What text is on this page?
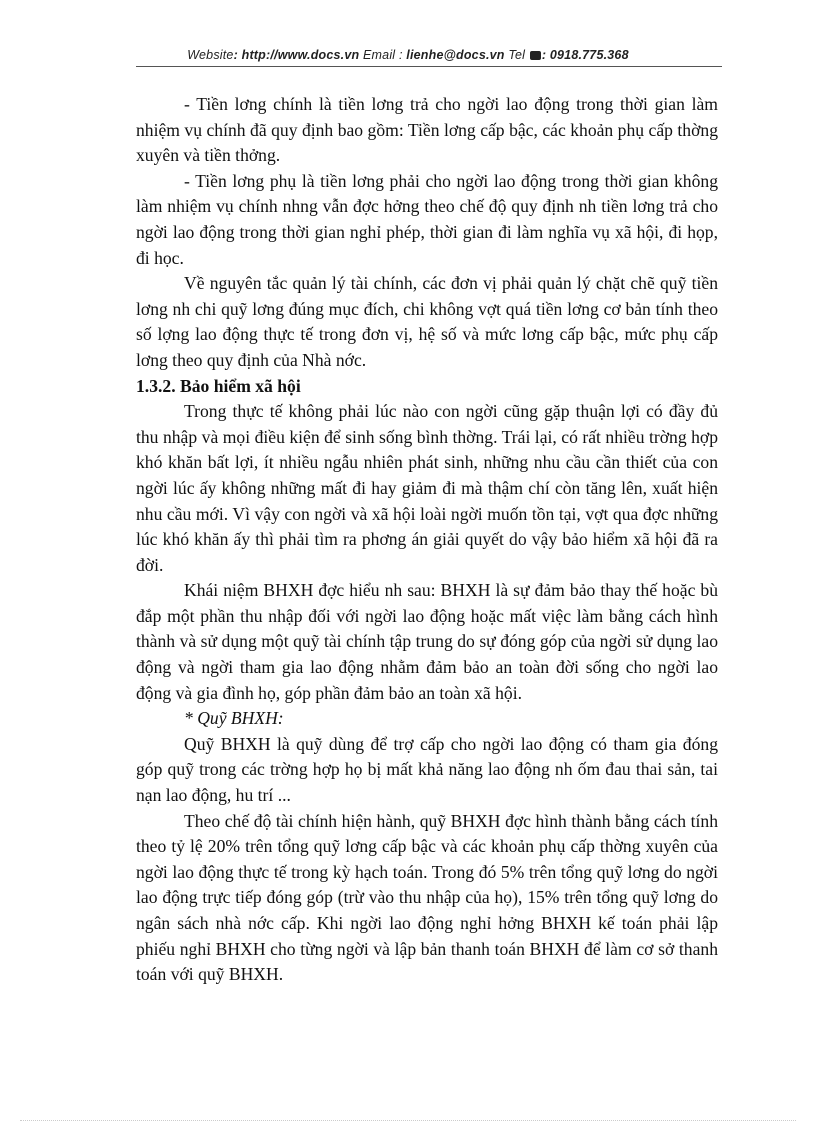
Website: http://www.docs.vn Email : lienhe@docs.vn Tel : 0918.775.368

- Tiền lơng chính là tiền lơng trả cho ngời lao động trong thời gian làm nhiệm vụ chính đã quy định bao gồm: Tiền lơng cấp bậc, các khoản phụ cấp thờng xuyên và tiền thởng.

- Tiền lơng phụ là tiền lơng phải cho ngời lao động trong thời gian không làm nhiệm vụ chính nhng vẫn đợc hởng theo chế độ quy định nh tiền lơng trả cho ngời lao động trong thời gian nghỉ phép, thời gian đi làm nghĩa vụ xã hội, đi họp, đi học.

Về nguyên tắc quản lý tài chính, các đơn vị phải quản lý chặt chẽ quỹ tiền lơng nh chi quỹ lơng đúng mục đích, chi không vợt quá tiền lơng cơ bản tính theo số lợng lao động thực tế trong đơn vị, hệ số và mức lơng cấp bậc, mức phụ cấp lơng theo quy định của Nhà nớc.

1.3.2. Bảo hiểm xã hội

Trong thực tế không phải lúc nào con ngời cũng gặp thuận lợi có đầy đủ thu nhập và mọi điều kiện để sinh sống bình thờng. Trái lại, có rất nhiều trờng hợp khó khăn bất lợi, ít nhiều ngẫu nhiên phát sinh, những nhu cầu cần thiết của con ngời lúc ấy không những mất đi hay giảm đi mà thậm chí còn tăng lên, xuất hiện nhu cầu mới. Vì vậy con ngời và xã hội loài ngời muốn tồn tại, vợt qua đợc những lúc khó khăn ấy thì phải tìm ra phơng án giải quyết do vậy bảo hiểm xã hội đã ra đời.

Khái niệm BHXH đợc hiểu nh sau: BHXH là sự đảm bảo thay thế hoặc bù đắp một phần thu nhập đối với ngời lao động hoặc mất việc làm bằng cách hình thành và sử dụng một quỹ tài chính tập trung do sự đóng góp của ngời sử dụng lao động và ngời tham gia lao động nhằm đảm bảo an toàn đời sống cho ngời lao động và gia đình họ, góp phần đảm bảo an toàn xã hội.

* Quỹ BHXH:

Quỹ BHXH là quỹ dùng để trợ cấp cho ngời lao động có tham gia đóng góp quỹ trong các trờng hợp họ bị mất khả năng lao động nh ốm đau thai sản, tai nạn lao động, hu trí ...

Theo chế độ tài chính hiện hành, quỹ BHXH đợc hình thành bằng cách tính theo tỷ lệ 20% trên tổng quỹ lơng cấp bậc và các khoản phụ cấp thờng xuyên của ngời lao động thực tế trong kỳ hạch toán. Trong đó 5% trên tổng quỹ lơng do ngời lao động trực tiếp đóng góp (trừ vào thu nhập của họ), 15% trên tổng quỹ lơng do ngân sách nhà nớc cấp. Khi ngời lao động nghỉ hởng BHXH kế toán phải lập phiếu nghỉ BHXH cho từng ngời và lập bản thanh toán BHXH để làm cơ sở thanh toán với quỹ BHXH.
